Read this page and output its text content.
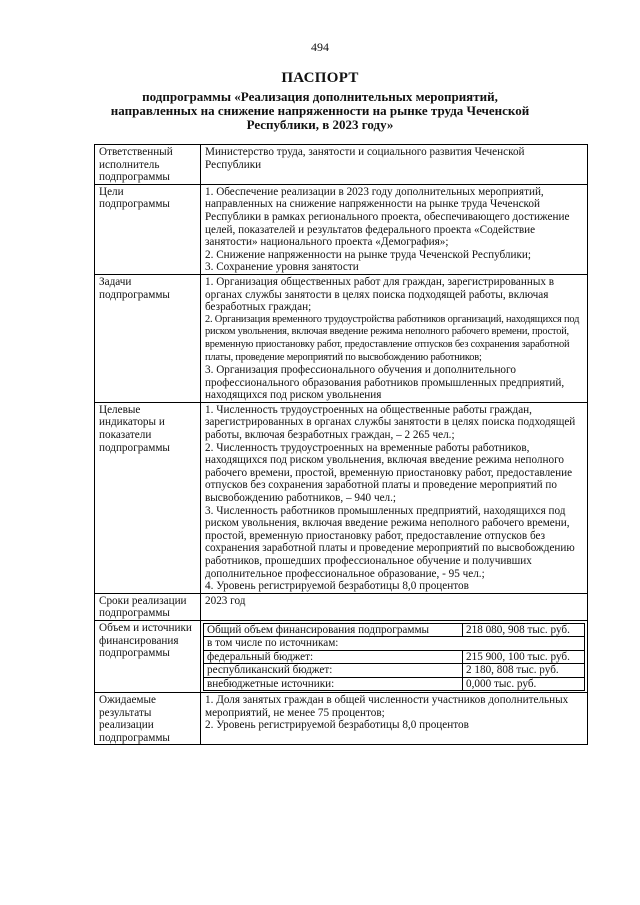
494
ПАСПОРТ
подпрограммы «Реализация дополнительных мероприятий, направленных на снижение напряженности на рынке труда Чеченской Республики, в 2023 году»
Ответственный исполнитель подпрограммы	
Министерство труда, занятости и социального развития Чеченской Республики

Цели подпрограммы	
1. Обеспечение реализации в 2023 году дополнительных мероприятий, направленных на снижение напряженности на рынке труда Чеченской Республики в рамках регионального проекта, обеспечивающего достижение целей, показателей и результатов федерального проекта «Содействие занятости» национального проекта «Демография»;
2. Снижение напряженности на рынке труда Чеченской Республики;
3. Сохранение уровня занятости

Задачи подпрограммы	
1. Организация общественных работ для граждан, зарегистрированных в органах службы занятости в целях поиска подходящей работы, включая безработных граждан;
2. Организация временного трудоустройства работников организаций, находящихся под риском увольнения, включая введение режима неполного рабочего времени, простой, временную приостановку работ, предоставление отпусков без сохранения заработной платы, проведение мероприятий по высвобождению работников;
3. Организация профессионального обучения и дополнительного профессионального образования работников промышленных предприятий, находящихся под риском увольнения

Целевые индикаторы и показатели подпрограммы	
1. Численность трудоустроенных на общественные работы граждан, зарегистрированных в органах службы занятости в целях поиска подходящей работы, включая безработных граждан, – 2 265 чел.;
2. Численность трудоустроенных на временные работы работников, находящихся под риском увольнения, включая введение режима неполного рабочего времени, простой, временную приостановку работ, предоставление отпусков без сохранения заработной платы и проведение мероприятий по высвобождению работников, – 940 чел.;
3. Численность работников промышленных предприятий, находящихся под риском увольнения, включая введение режима неполного рабочего времени, простой, временную приостановку работ, предоставление отпусков без сохранения заработной платы и проведение мероприятий по высвобождению работников, прошедших профессиональное обучение и получивших дополнительное профессиональное образование, - 95 чел.;
4. Уровень регистрируемой безработицы 8,0 процентов

Сроки реализации подпрограммы	
2023 год

Объем и источники финансирования подпрограммы	
Общий объем финансирования подпрограммы	218 080, 908 тыс. руб.
в том числе по источникам:
федеральный бюджет:	215 900, 100 тыс. руб.
республиканский бюджет:	2 180, 808 тыс. руб.
внебюджетные источники:	0,000 тыс. руб.

Ожидаемые результаты реализации подпрограммы	
1. Доля занятых граждан в общей численности участников дополнительных мероприятий, не менее 75 процентов;
2. Уровень регистрируемой безработицы 8,0 процентов
